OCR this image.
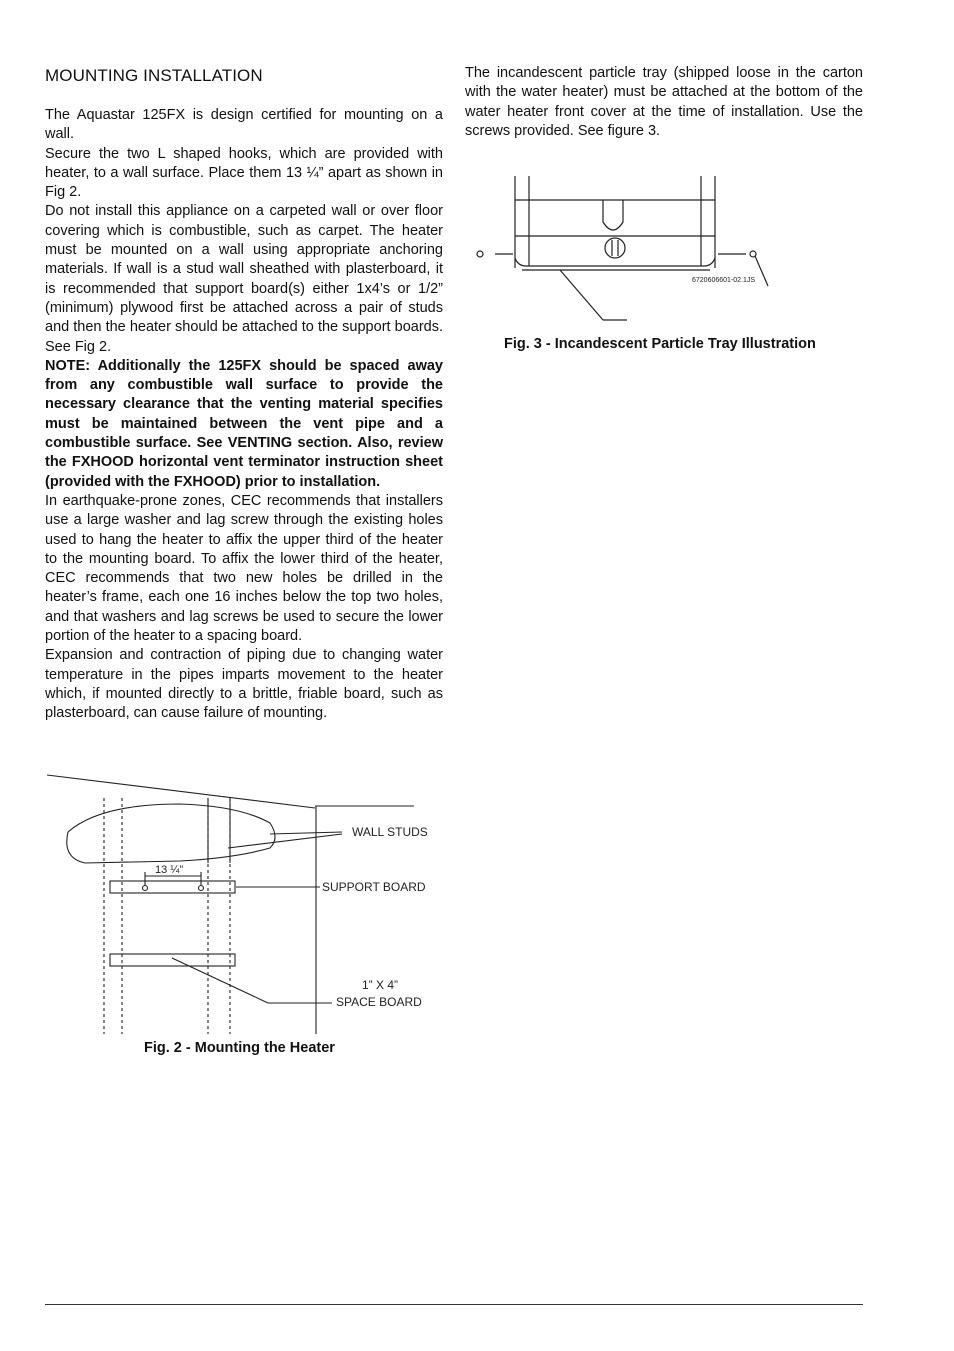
MOUNTING INSTALLATION

The Aquastar 125FX is design certified for mounting on a wall.

Secure the two L shaped hooks, which are provided with heater, to a wall surface. Place them 13 ¼” apart as shown in Fig 2.

Do not install this appliance on a carpeted wall or over floor covering which is combustible, such as carpet. The heater must be mounted on a wall using appropriate anchoring materials. If wall is a stud wall sheathed with plasterboard, it is recommended that support board(s) either 1x4’s or 1/2” (minimum) plywood first be attached across a pair of studs and then the heater should be attached to the support boards. See Fig 2.

NOTE: Additionally the 125FX should be spaced away from any combustible wall surface to provide the necessary clearance that the venting material specifies must be maintained between the vent pipe and a combustible surface. See VENTING section. Also, review the FXHOOD horizontal vent terminator instruction sheet (provided with the FXHOOD) prior to installation.

In earthquake-prone zones, CEC recommends that installers use a large washer and lag screw through the existing holes used to hang the heater to affix the upper third of the heater to the mounting board. To affix the lower third of the heater, CEC recommends that two new holes be drilled in the heater’s frame, each one 16 inches below the top two holes, and that washers and lag screws be used to secure the lower portion of the heater to a spacing board.

Expansion and contraction of piping due to changing water temperature in the pipes imparts movement to the heater which, if mounted directly to a brittle, friable board, such as plasterboard, can cause failure of mounting.

The incandescent particle tray (shipped loose in the carton with the water heater) must be attached at the bottom of the water heater front cover at the time of installation. Use the screws provided. See figure 3.

6720606601-02.1JS
Fig. 3 - Incandescent Particle Tray Illustration
WALL STUDS
SUPPORT BOARD
1” X 4”
SPACE BOARD
13 ¼”
Fig. 2 - Mounting the Heater
